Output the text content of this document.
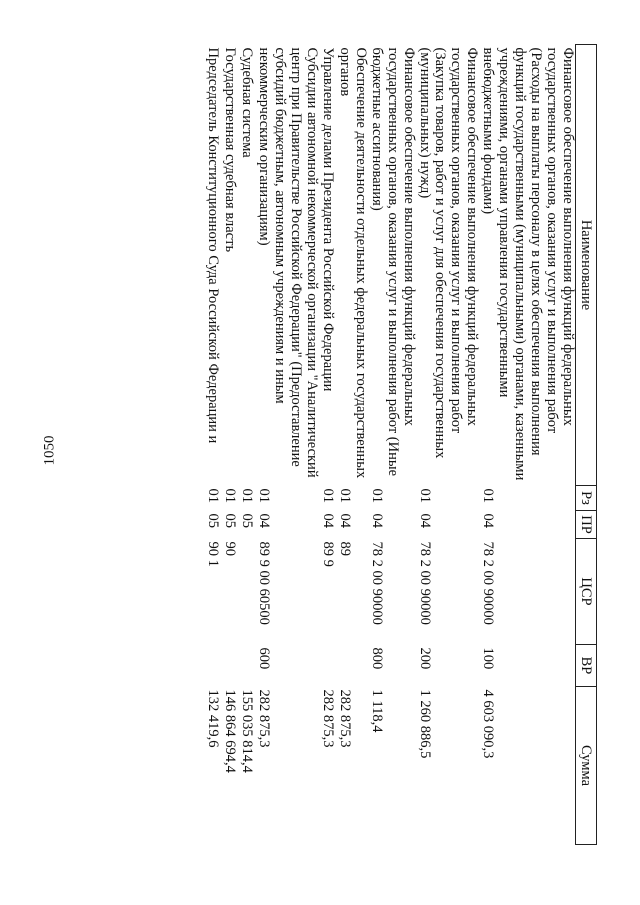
1050
Наименование	Рз	ПР	ЦСР	ВР	Сумма
Финансовое обеспечение выполнения функций федеральных государственных органов, оказания услуг и выполнения работ (Расходы на выплаты персоналу в целях обеспечения выполнения функций государственными (муниципальными) органами, казенными учреждениями, органами управления государственными внебюджетными фондами)	01	04	78 2 00 90000	100	4 603 090,3
Финансовое обеспечение выполнения функций федеральных государственных органов, оказания услуг и выполнения работ (Закупка товаров, работ и услуг для обеспечения государственных (муниципальных) нужд)	01	04	78 2 00 90000	200	1 260 886,5
Финансовое обеспечение выполнения функций федеральных государственных органов, оказания услуг и выполнения работ (Иные бюджетные ассигнования)	01	04	78 2 00 90000	800	1 118,4
Обеспечение деятельности отдельных федеральных государственных органов	01	04	89		282 875,3
Управление делами Президента Российской Федерации	01	04	89 9		282 875,3
Субсидии автономной некоммерческой организации "Аналитический центр при Правительстве Российской Федерации" (Предоставление субсидий бюджетным, автономным учреждениям и иным некоммерческим организациям)	01	04	89 9 00 60500	600	282 875,3
Судебная система	01	05			155 035 814,4
Государственная судебная власть	01	05	90		146 864 694,4
Председатель Конституционного Суда Российской Федерации и	01	05	90 1		132 419,6
